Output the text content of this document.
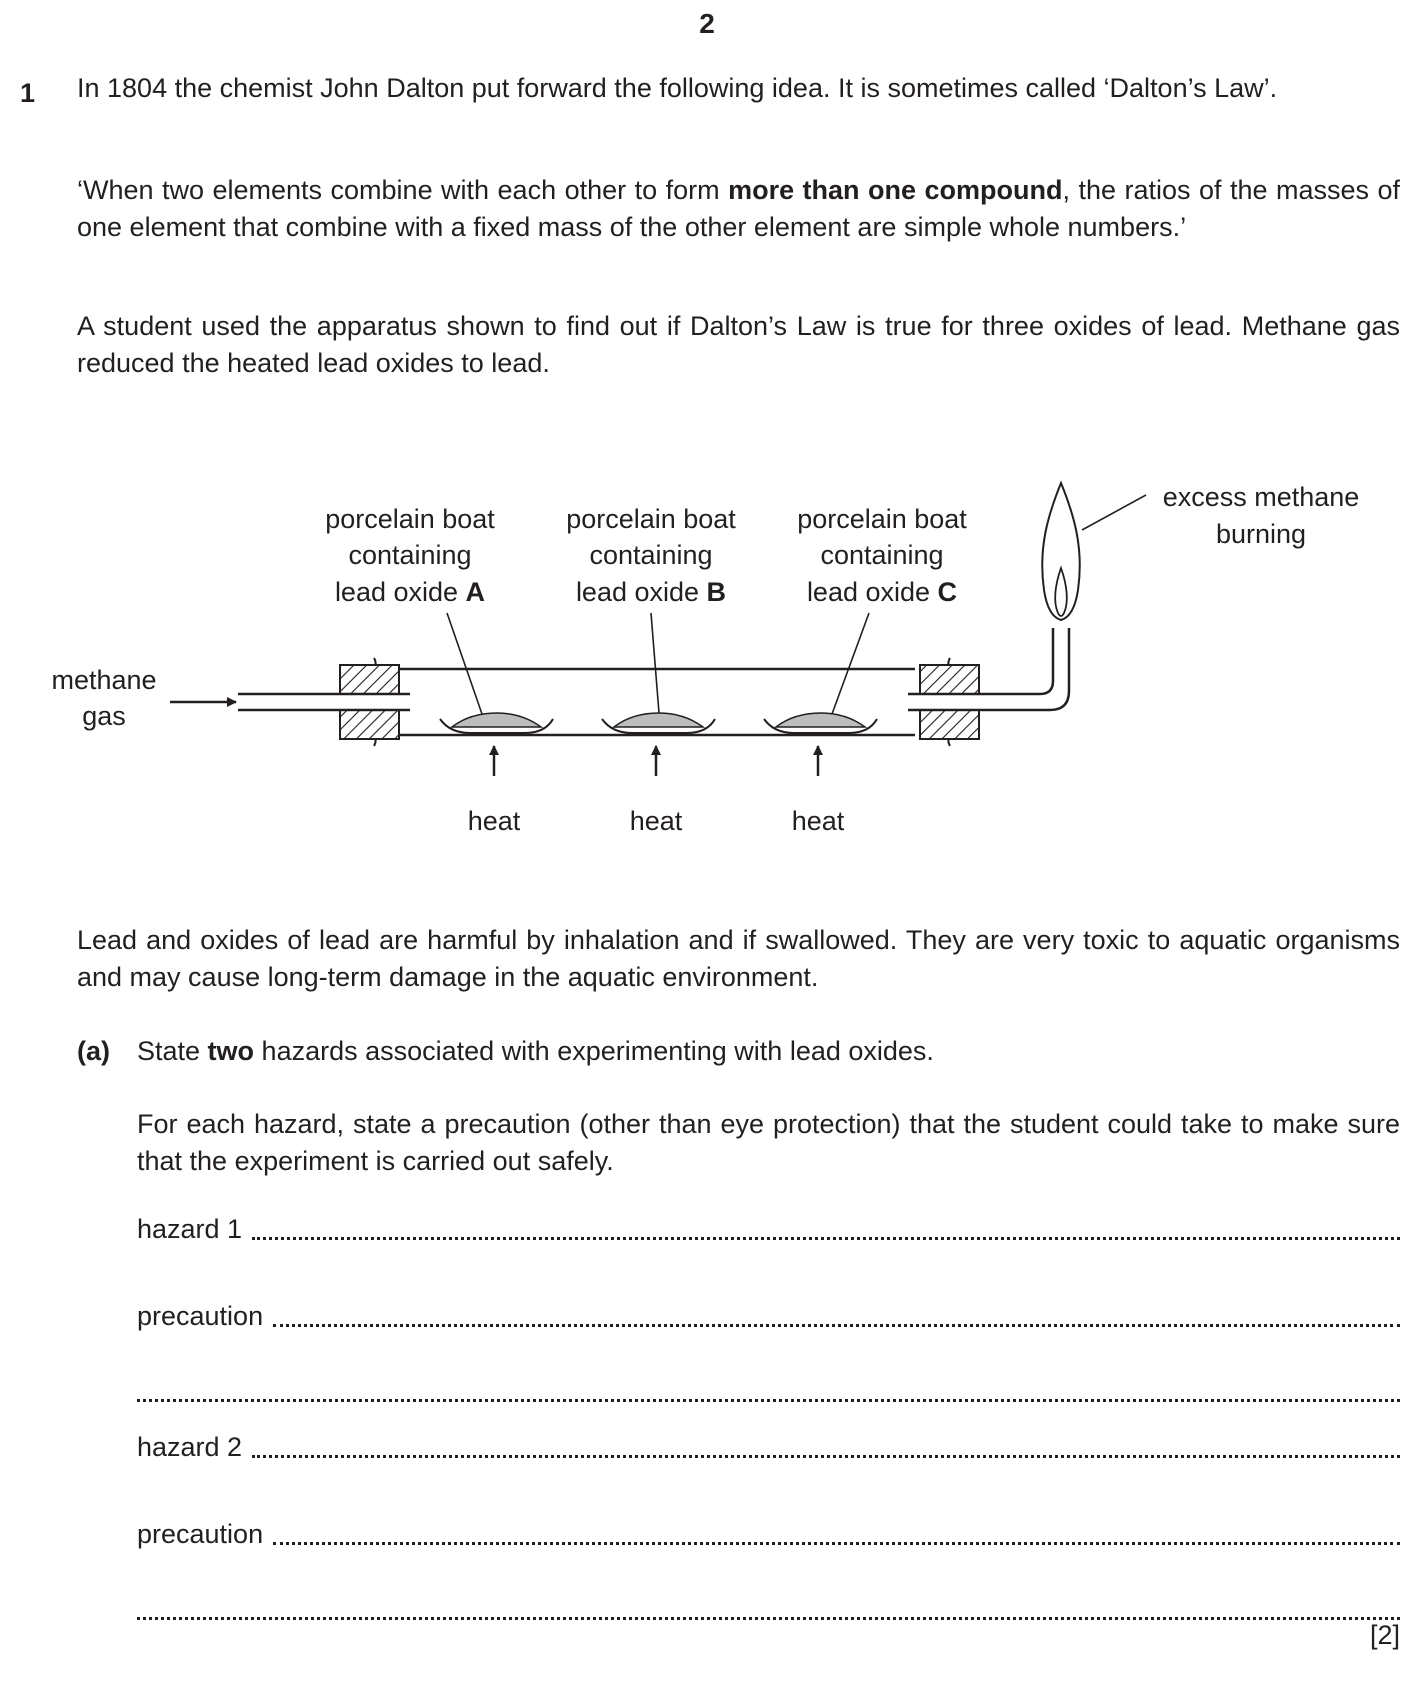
2
1 In 1804 the chemist John Dalton put forward the following idea. It is sometimes called ‘Dalton’s Law’.
‘When two elements combine with each other to form more than one compound, the ratios of the masses of one element that combine with a fixed mass of the other element are simple whole numbers.’
A student used the apparatus shown to find out if Dalton’s Law is true for three oxides of lead. Methane gas reduced the heated lead oxides to lead.
methane
gas
excess methane
burning
porcelain boat
containing
lead oxide A
porcelain boat
containing
lead oxide B
porcelain boat
containing
lead oxide C
heat	heat	heat
Lead and oxides of lead are harmful by inhalation and if swallowed. They are very toxic to aquatic organisms and may cause long-term damage in the aquatic environment.
(a) State two hazards associated with experimenting with lead oxides.
For each hazard, state a precaution (other than eye protection) that the student could take to make sure that the experiment is carried out safely.
hazard 1
precaution
hazard 2
precaution
[2]
